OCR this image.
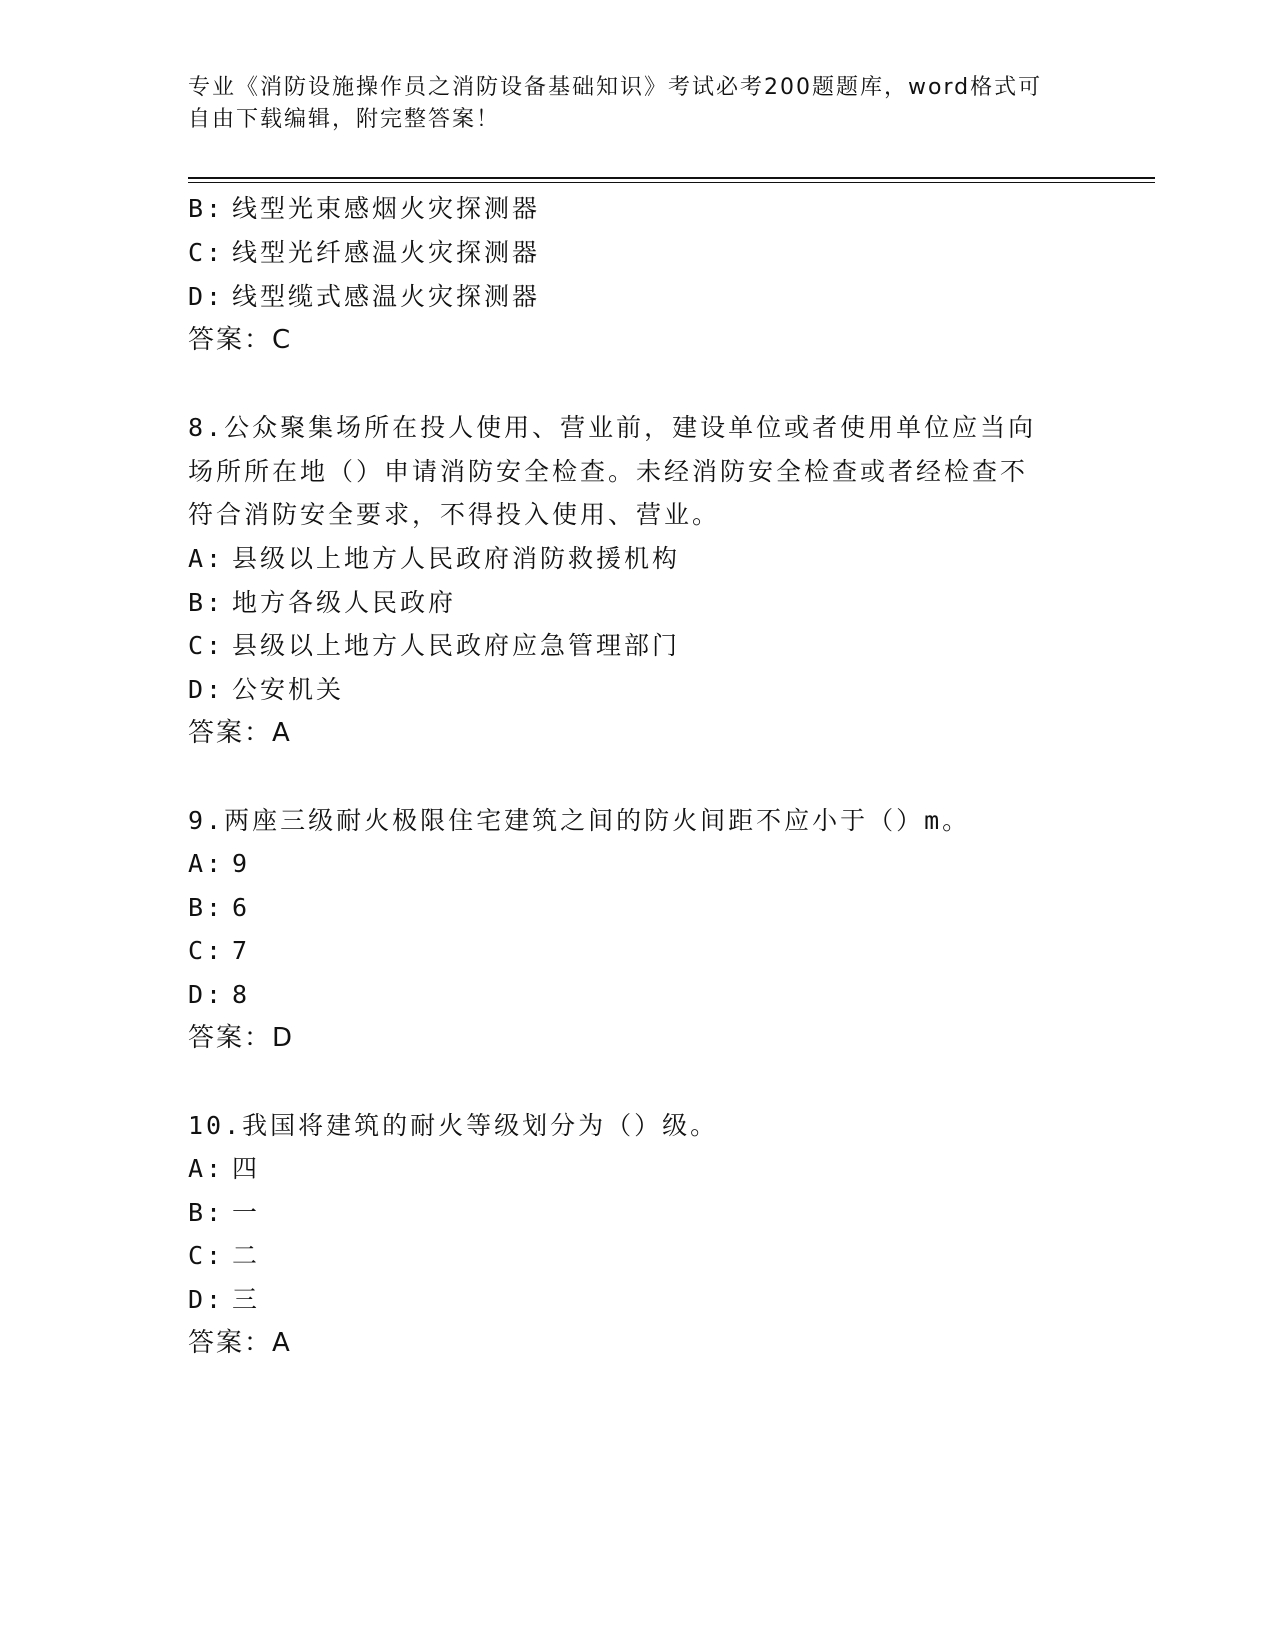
专业《消防设施操作员之消防设备基础知识》考试必考200题题库，word格式可
自由下载编辑，附完整答案！
B: 线型光束感烟火灾探测器
C: 线型光纤感温火灾探测器
D: 线型缆式感温火灾探测器
答案：C
8.公众聚集场所在投人使用、营业前，建设单位或者使用单位应当向
场所所在地（）申请消防安全检查。未经消防安全检查或者经检查不
符合消防安全要求，不得投入使用、营业。
A: 县级以上地方人民政府消防救援机构
B: 地方各级人民政府
C: 县级以上地方人民政府应急管理部门
D: 公安机关
答案：A
9.两座三级耐火极限住宅建筑之间的防火间距不应小于（）m。
A: 9
B: 6
C: 7
D: 8
答案：D
10.我国将建筑的耐火等级划分为（）级。
A: 四
B: 一
C: 二
D: 三
答案：A
